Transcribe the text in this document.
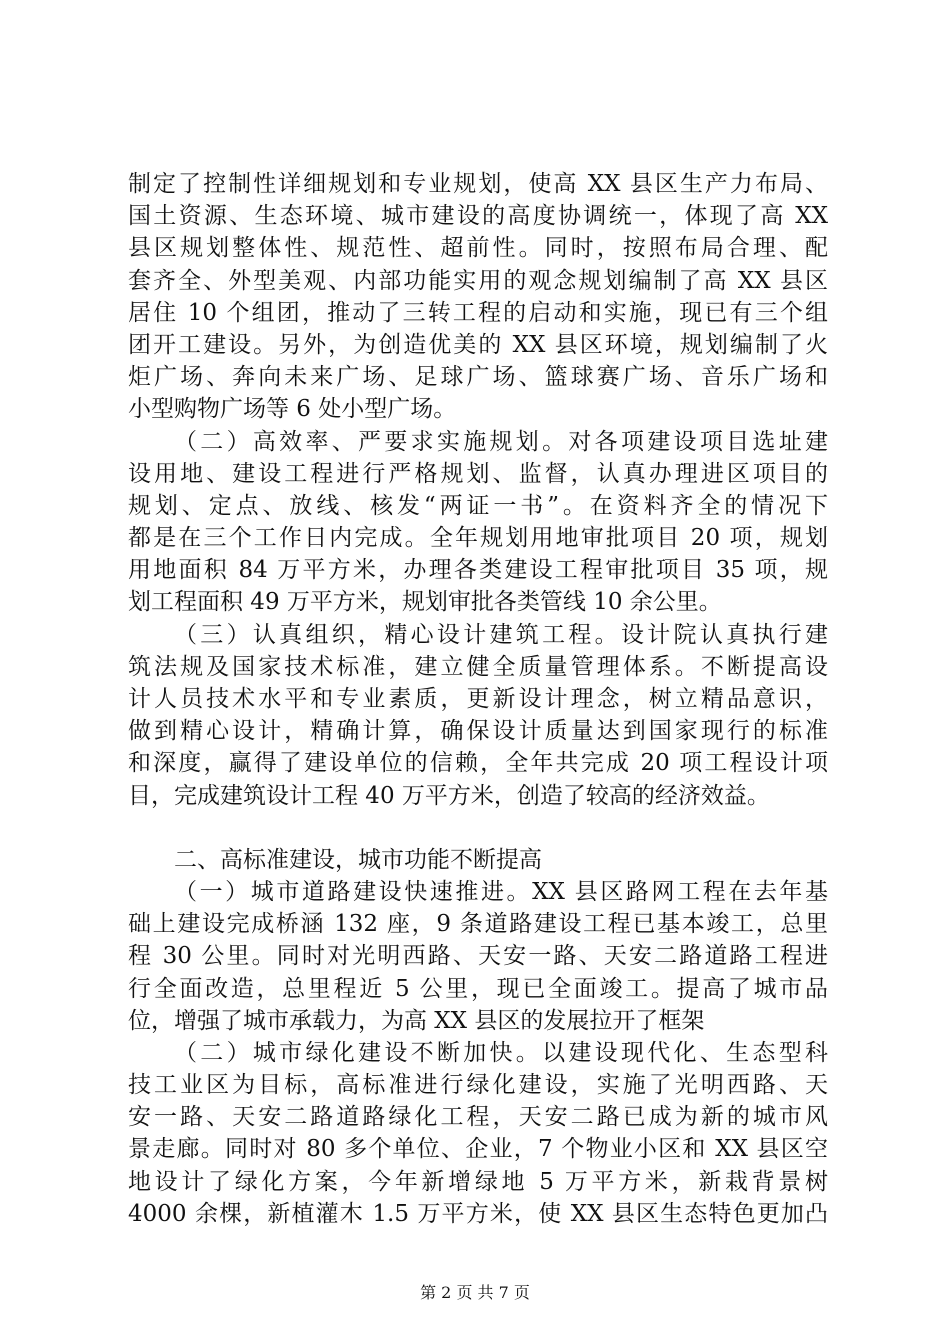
制定了控制性详细规划和专业规划，使高 XX 县区生产力布局、
国土资源、生态环境、城市建设的高度协调统一，体现了高 XX
县区规划整体性、规范性、超前性。同时，按照布局合理、配
套齐全、外型美观、内部功能实用的观念规划编制了高 XX 县区
居住 10 个组团，推动了三转工程的启动和实施，现已有三个组
团开工建设。另外，为创造优美的 XX 县区环境，规划编制了火
炬广场、奔向未来广场、足球广场、篮球赛广场、音乐广场和
小型购物广场等 6 处小型广场。
（二）高效率、严要求实施规划。对各项建设项目选址建
设用地、建设工程进行严格规划、监督，认真办理进区项目的
规划、定点、放线、核发“两证一书”。在资料齐全的情况下
都是在三个工作日内完成。全年规划用地审批项目 20 项，规划
用地面积 84 万平方米，办理各类建设工程审批项目 35 项，规
划工程面积 49 万平方米，规划审批各类管线 10 余公里。
（三）认真组织，精心设计建筑工程。设计院认真执行建
筑法规及国家技术标准，建立健全质量管理体系。不断提高设
计人员技术水平和专业素质，更新设计理念，树立精品意识，
做到精心设计，精确计算，确保设计质量达到国家现行的标准
和深度，赢得了建设单位的信赖，全年共完成 20 项工程设计项
目，完成建筑设计工程 40 万平方米，创造了较高的经济效益。
二、高标准建设，城市功能不断提高
（一）城市道路建设快速推进。XX 县区路网工程在去年基
础上建设完成桥涵 132 座，9 条道路建设工程已基本竣工，总里
程 30 公里。同时对光明西路、天安一路、天安二路道路工程进
行全面改造，总里程近 5 公里，现已全面竣工。提高了城市品
位，增强了城市承载力，为高 XX 县区的发展拉开了框架
（二）城市绿化建设不断加快。以建设现代化、生态型科
技工业区为目标，高标准进行绿化建设，实施了光明西路、天
安一路、天安二路道路绿化工程，天安二路已成为新的城市风
景走廊。同时对 80 多个单位、企业，7 个物业小区和 XX 县区空
地设计了绿化方案，今年新增绿地 5 万平方米，新栽背景树
4000 余棵，新植灌木 1.5 万平方米，使 XX 县区生态特色更加凸
第 2 页 共 7 页
